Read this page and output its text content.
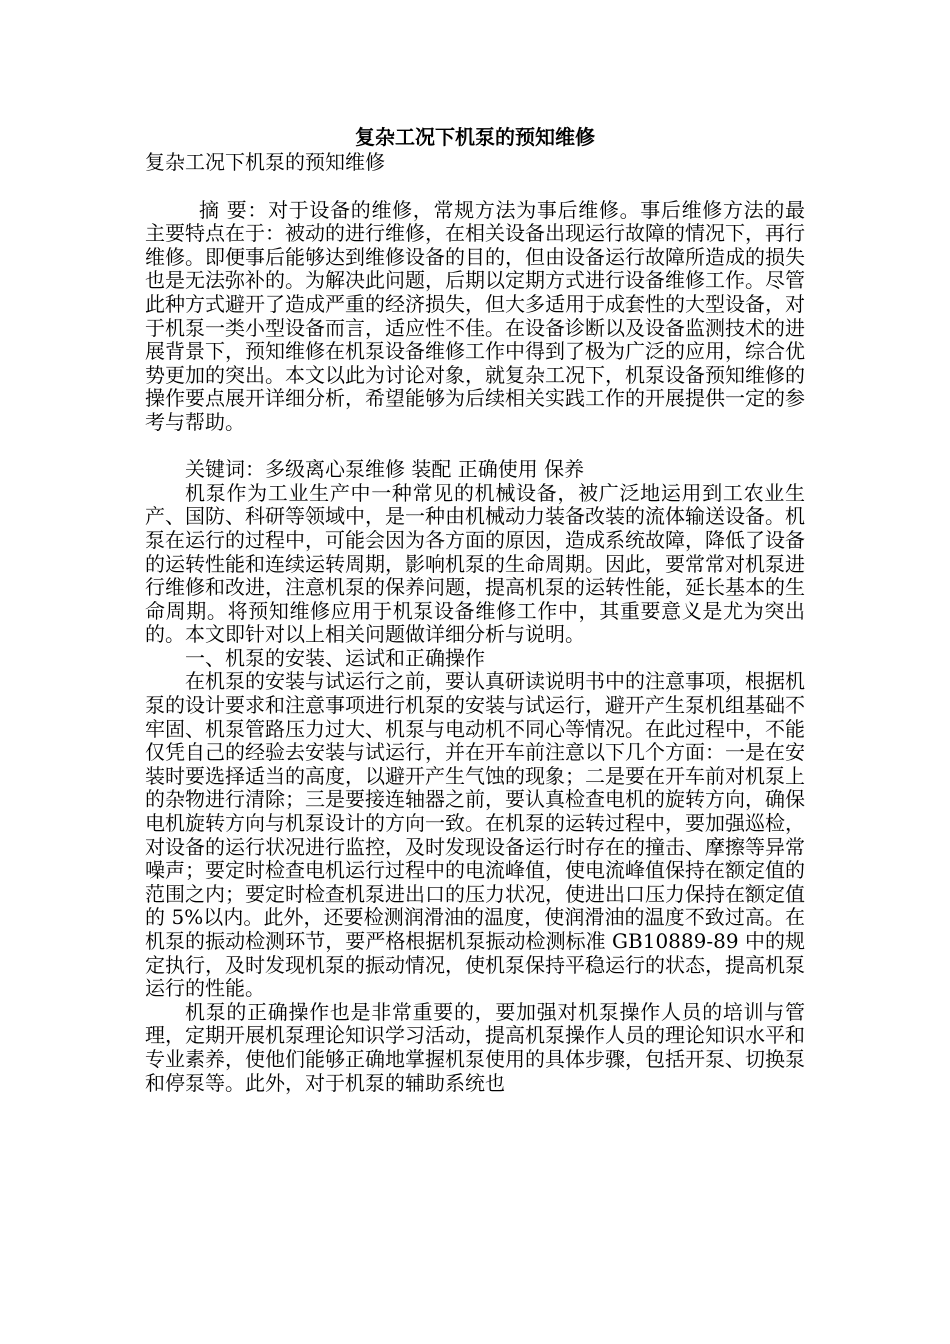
复杂工况下机泵的预知维修
复杂工况下机泵的预知维修

摘 要：对于设备的维修，常规方法为事后维修。事后维修方法的最主要特点在于：被动的进行维修，在相关设备出现运行故障的情况下，再行维修。即便事后能够达到维修设备的目的，但由设备运行故障所造成的损失也是无法弥补的。为解决此问题，后期以定期方式进行设备维修工作。尽管此种方式避开了造成严重的经济损失，但大多适用于成套性的大型设备，对于机泵一类小型设备而言，适应性不佳。在设备诊断以及设备监测技术的进展背景下，预知维修在机泵设备维修工作中得到了极为广泛的应用，综合优势更加的突出。本文以此为讨论对象，就复杂工况下，机泵设备预知维修的操作要点展开详细分析，希望能够为后续相关实践工作的开展提供一定的参考与帮助。

关键词：多级离心泵维修 装配 正确使用 保养

机泵作为工业生产中一种常见的机械设备，被广泛地运用到工农业生产、国防、科研等领域中，是一种由机械动力装备改装的流体输送设备。机泵在运行的过程中，可能会因为各方面的原因，造成系统故障，降低了设备的运转性能和连续运转周期，影响机泵的生命周期。因此，要常常对机泵进行维修和改进，注意机泵的保养问题，提高机泵的运转性能，延长基本的生命周期。将预知维修应用于机泵设备维修工作中，其重要意义是尤为突出的。本文即针对以上相关问题做详细分析与说明。

一、机泵的安装、运试和正确操作

在机泵的安装与试运行之前，要认真研读说明书中的注意事项，根据机泵的设计要求和注意事项进行机泵的安装与试运行，避开产生泵机组基础不牢固、机泵管路压力过大、机泵与电动机不同心等情况。在此过程中，不能仅凭自己的经验去安装与试运行，并在开车前注意以下几个方面：一是在安装时要选择适当的高度，以避开产生气蚀的现象；二是要在开车前对机泵上的杂物进行清除；三是要接连轴器之前，要认真检查电机的旋转方向，确保电机旋转方向与机泵设计的方向一致。在机泵的运转过程中，要加强巡检，对设备的运行状况进行监控，及时发现设备运行时存在的撞击、摩擦等异常噪声；要定时检查电机运行过程中的电流峰值，使电流峰值保持在额定值的范围之内；要定时检查机泵进出口的压力状况，使进出口压力保持在额定值的 5%以内。此外，还要检测润滑油的温度，使润滑油的温度不致过高。在机泵的振动检测环节，要严格根据机泵振动检测标准 GB10889-89 中的规定执行，及时发现机泵的振动情况，使机泵保持平稳运行的状态，提高机泵运行的性能。

机泵的正确操作也是非常重要的，要加强对机泵操作人员的培训与管理，定期开展机泵理论知识学习活动，提高机泵操作人员的理论知识水平和专业素养，使他们能够正确地掌握机泵使用的具体步骤，包括开泵、切换泵和停泵等。此外，对于机泵的辅助系统也
